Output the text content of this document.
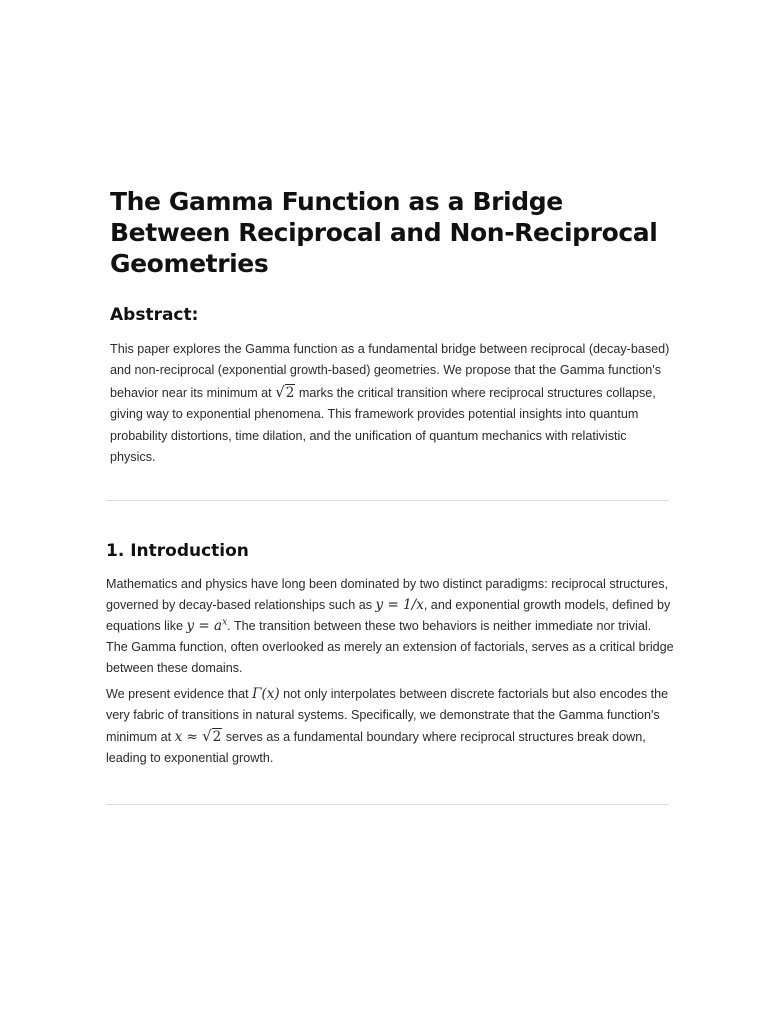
The Gamma Function as a Bridge Between Reciprocal and Non-Reciprocal Geometries
Abstract:

This paper explores the Gamma function as a fundamental bridge between reciprocal (decay-based) and non-reciprocal (exponential growth-based) geometries. We propose that the Gamma function's behavior near its minimum at √2 marks the critical transition where reciprocal structures collapse, giving way to exponential phenomena. This framework provides potential insights into quantum probability distortions, time dilation, and the unification of quantum mechanics with relativistic physics.

1. Introduction

Mathematics and physics have long been dominated by two distinct paradigms: reciprocal structures, governed by decay-based relationships such as y = 1/x, and exponential growth models, defined by equations like $y = a^x$. The transition between these two behaviors is neither immediate nor trivial. The Gamma function, often overlooked as merely an extension of factorials, serves as a critical bridge between these domains.

We present evidence that Γ(x) not only interpolates between discrete factorials but also encodes the very fabric of transitions in natural systems. Specifically, we demonstrate that the Gamma function's minimum at x ≈ √2 serves as a fundamental boundary where reciprocal structures break down, leading to exponential growth.
